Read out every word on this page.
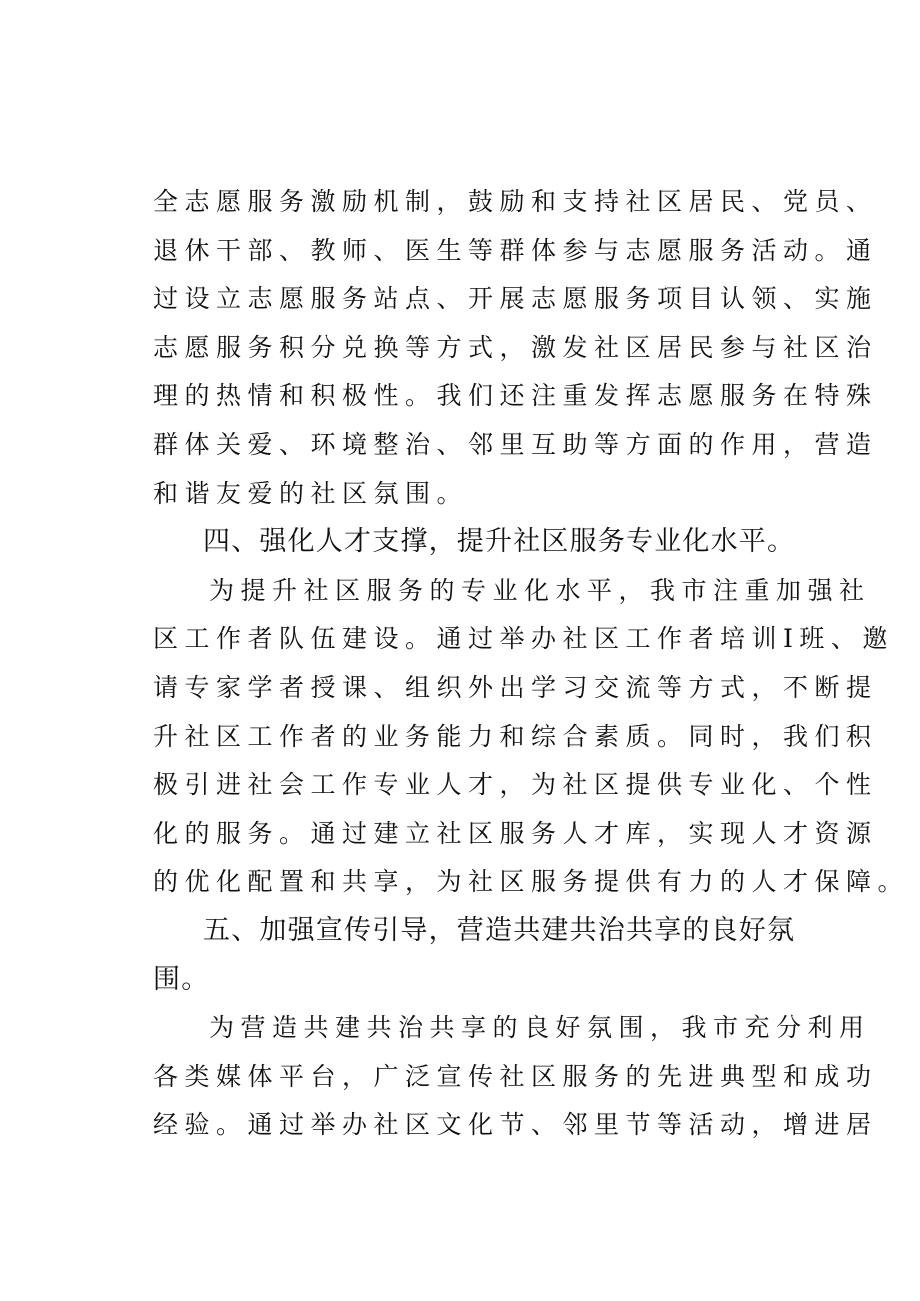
全志愿服务激励机制，鼓励和支持社区居民、党员、
退休干部、教师、医生等群体参与志愿服务活动。通
过设立志愿服务站点、开展志愿服务项目认领、实施
志愿服务积分兑换等方式，激发社区居民参与社区治
理的热情和积极性。我们还注重发挥志愿服务在特殊
群体关爱、环境整治、邻里互助等方面的作用，营造
和谐友爱的社区氛围。
四、强化人才支撑，提升社区服务专业化水平。
为提升社区服务的专业化水平，我市注重加强社
区工作者队伍建设。通过举办社区工作者培训I班、邀
请专家学者授课、组织外出学习交流等方式，不断提
升社区工作者的业务能力和综合素质。同时，我们积
极引进社会工作专业人才，为社区提供专业化、个性
化的服务。通过建立社区服务人才库，实现人才资源
的优化配置和共享，为社区服务提供有力的人才保障。
五、加强宣传引导，营造共建共治共享的良好氛
围。
为营造共建共治共享的良好氛围，我市充分利用
各类媒体平台，广泛宣传社区服务的先进典型和成功
经验。通过举办社区文化节、邻里节等活动，增进居
